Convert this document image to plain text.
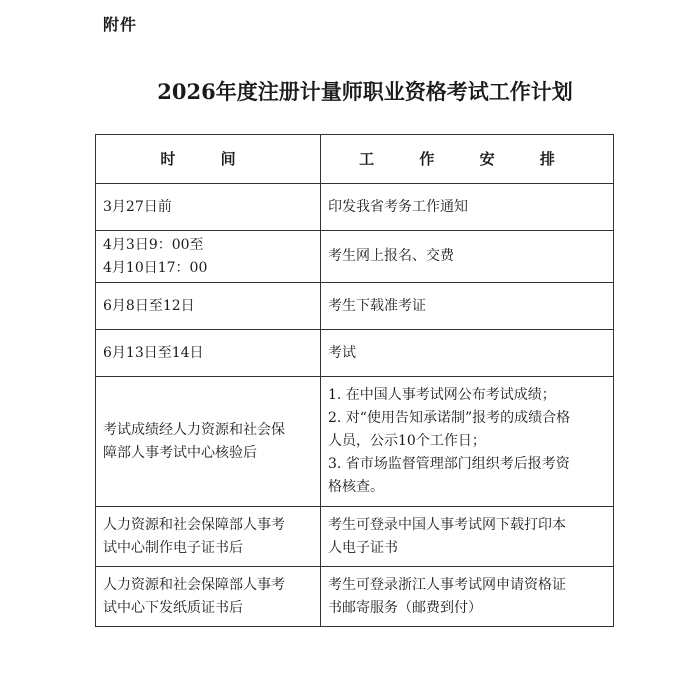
附件
2026年度注册计量师职业资格考试工作计划
时 间	工 作 安 排

3月27日前	印发我省考务工作通知

4月3日9：00至
4月10日17：00	考生网上报名、交费

6月8日至12日	考生下载准考证

6月13日至14日	考试

考试成绩经人力资源和社会保
障部人事考试中心核验后	1. 在中国人事考试网公布考试成绩；
2. 对“使用告知承诺制”报考的成绩合格
人员，公示10个工作日；
3. 省市场监督管理部门组织考后报考资
格核查。

人力资源和社会保障部人事考
试中心制作电子证书后	考生可登录中国人事考试网下载打印本
人电子证书

人力资源和社会保障部人事考
试中心下发纸质证书后	考生可登录浙江人事考试网申请资格证
书邮寄服务（邮费到付）
